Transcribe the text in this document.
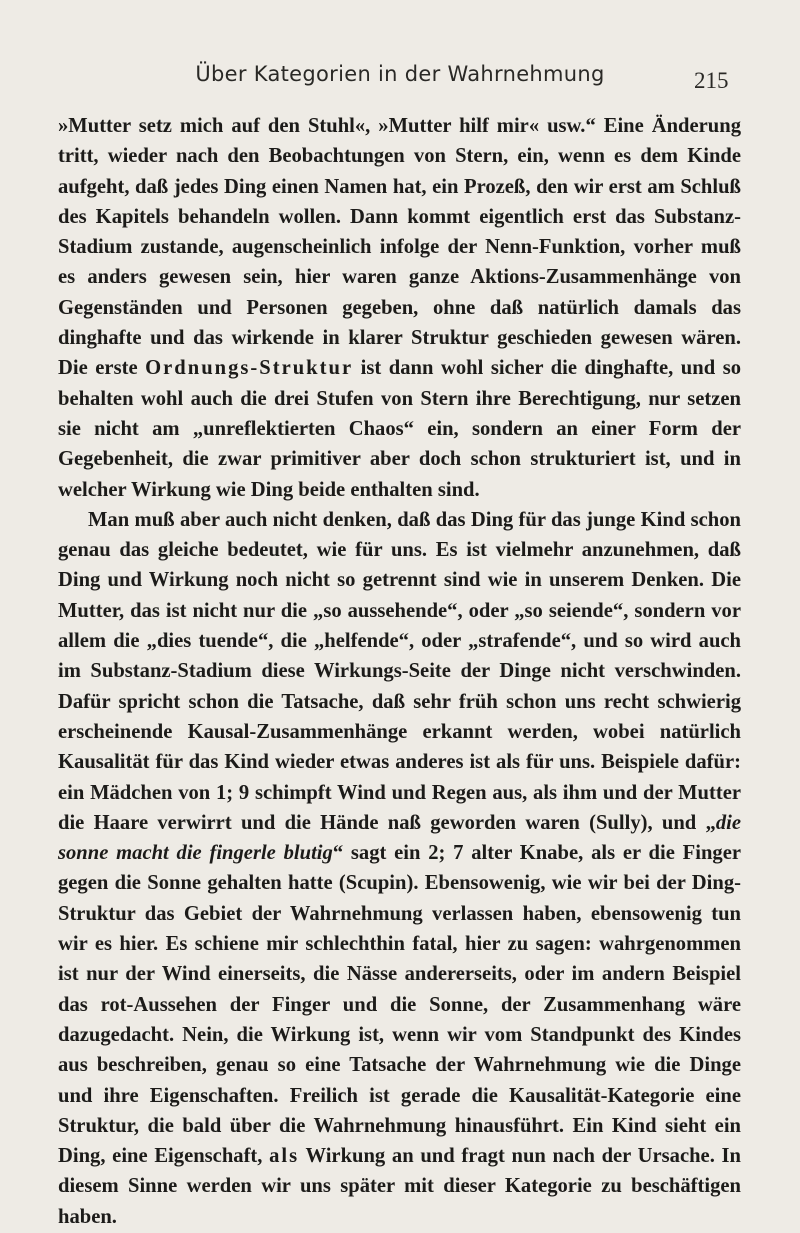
Über Kategorien in der Wahrnehmung	215

»Mutter setz mich auf den Stuhl«, »Mutter hilf mir« usw.“ Eine Änderung tritt, wieder nach den Beobachtungen von Stern, ein, wenn es dem Kinde aufgeht, daß jedes Ding einen Namen hat, ein Prozeß, den wir erst am Schluß des Kapitels behandeln wollen. Dann kommt eigentlich erst das Substanz-Stadium zustande, augenscheinlich infolge der Nenn-Funktion, vorher muß es anders gewesen sein, hier waren ganze Aktions-Zusammenhänge von Gegenständen und Personen gegeben, ohne daß natürlich damals das dinghafte und das wirkende in klarer Struktur geschieden gewesen wären. Die erste Ordnungs-Struktur ist dann wohl sicher die dinghafte, und so behalten wohl auch die drei Stufen von Stern ihre Berechtigung, nur setzen sie nicht am „unreflektierten Chaos“ ein, sondern an einer Form der Gegebenheit, die zwar primitiver aber doch schon strukturiert ist, und in welcher Wirkung wie Ding beide enthalten sind.

Man muß aber auch nicht denken, daß das Ding für das junge Kind schon genau das gleiche bedeutet, wie für uns. Es ist vielmehr anzunehmen, daß Ding und Wirkung noch nicht so getrennt sind wie in unserem Denken. Die Mutter, das ist nicht nur die „so aussehende“, oder „so seiende“, sondern vor allem die „dies tuende“, die „helfende“, oder „strafende“, und so wird auch im Substanz-Stadium diese Wirkungs-Seite der Dinge nicht verschwinden. Dafür spricht schon die Tatsache, daß sehr früh schon uns recht schwierig erscheinende Kausal-Zusammenhänge erkannt werden, wobei natürlich Kausalität für das Kind wieder etwas anderes ist als für uns. Beispiele dafür: ein Mädchen von 1; 9 schimpft Wind und Regen aus, als ihm und der Mutter die Haare verwirrt und die Hände naß geworden waren (Sully), und „die sonne macht die fingerle blutig“ sagt ein 2; 7 alter Knabe, als er die Finger gegen die Sonne gehalten hatte (Scupin). Ebensowenig, wie wir bei der Ding-Struktur das Gebiet der Wahrnehmung verlassen haben, ebensowenig tun wir es hier. Es schiene mir schlechthin fatal, hier zu sagen: wahrgenommen ist nur der Wind einerseits, die Nässe andererseits, oder im andern Beispiel das rot-Aussehen der Finger und die Sonne, der Zusammenhang wäre dazugedacht. Nein, die Wirkung ist, wenn wir vom Standpunkt des Kindes aus beschreiben, genau so eine Tatsache der Wahrnehmung wie die Dinge und ihre Eigenschaften. Freilich ist gerade die Kausalität-Kategorie eine Struktur, die bald über die Wahrnehmung hinausführt. Ein Kind sieht ein Ding, eine Eigenschaft, als Wirkung an und fragt nun nach der Ursache. In diesem Sinne werden wir uns später mit dieser Kategorie zu beschäftigen haben.
